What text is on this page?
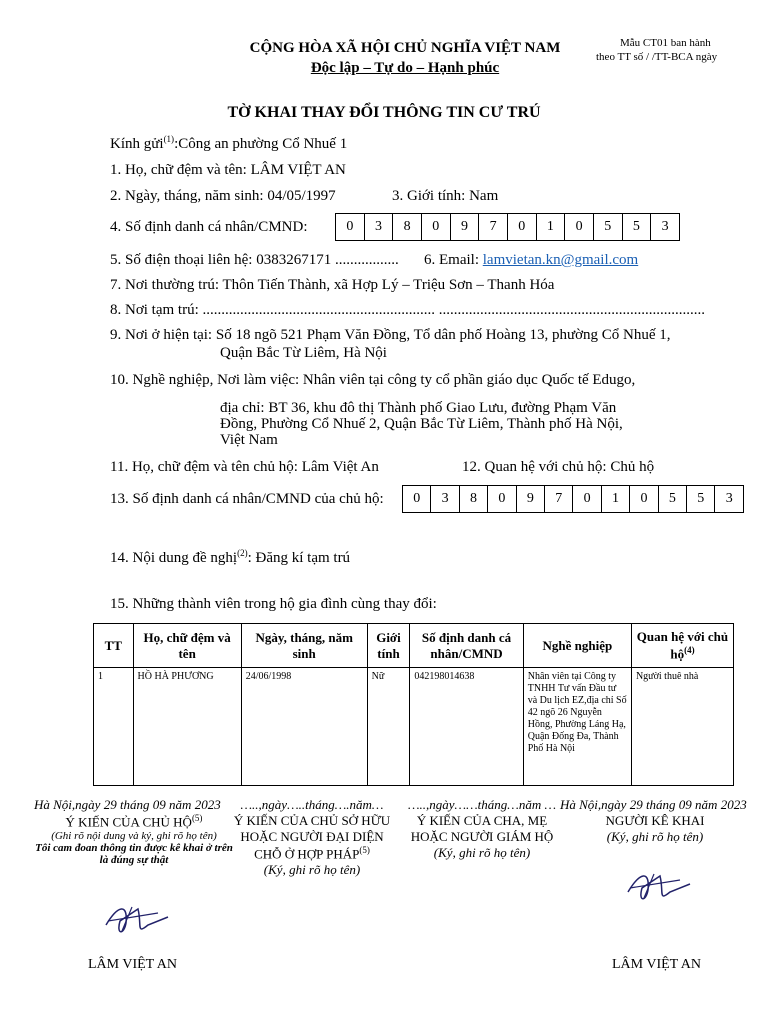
CỘNG HÒA XÃ HỘI CHỦ NGHĨA VIỆT NAM
Độc lập – Tự do – Hạnh phúc
Mẫu CT01 ban hành
theo TT số / /TT-BCA ngày
TỜ KHAI THAY ĐỔI THÔNG TIN CƯ TRÚ
Kính gửi$^{(1)}$:Công an phường Cổ Nhuế 1
1. Họ, chữ đệm và tên: LÂM VIỆT AN
2. Ngày, tháng, năm sinh: 04/05/1997	3. Giới tính: Nam
4. Số định danh cá nhân/CMND:	0	3	8	0	9	7	0	1	0	5	5	3
5. Số điện thoại liên hệ: 0383267171 ................. 6. Email: lamvietan.kn@gmail.com
7. Nơi thường trú: Thôn Tiến Thành, xã Hợp Lý – Triệu Sơn – Thanh Hóa
8. Nơi tạm trú: .............................................................. .......................................................................
9. Nơi ở hiện tại: Số 18 ngõ 521 Phạm Văn Đồng, Tổ dân phố Hoàng 13, phường Cổ Nhuế 1,
Quận Bắc Từ Liêm, Hà Nội
10. Nghề nghiệp, Nơi làm việc: Nhân viên tại công ty cổ phần giáo dục Quốc tế Edugo,
địa chỉ: BT 36, khu đô thị Thành phố Giao Lưu, đường Phạm Văn
Đồng, Phường Cổ Nhuế 2, Quận Bắc Từ Liêm, Thành phố Hà Nội,
Việt Nam
11. Họ, chữ đệm và tên chủ hộ: Lâm Việt An	12. Quan hệ với chủ hộ: Chủ hộ
13. Số định danh cá nhân/CMND của chủ hộ: 0	3	8	0	9	7	0	1	0	5	5	3
14. Nội dung đề nghị$^{(2)}$: Đăng kí tạm trú
15. Những thành viên trong hộ gia đình cùng thay đổi:
TT	Họ, chữ đệm và tên	Ngày, tháng, năm sinh	Giới tính	Số định danh cá nhân/CMND	Nghề nghiệp	Quan hệ với chủ hộ$^{(4)}$
1	HỒ HÀ PHƯƠNG	24/06/1998	Nữ	042198014638	Nhân viên tại Công ty TNHH Tư vấn Đầu tư và Du lịch EZ,địa chỉ Số 42 ngõ 26 Nguyễn Hồng, Phường Láng Hạ, Quận Đống Đa, Thành Phố Hà Nội	Người thuê nhà
Hà Nội,ngày 29 tháng 09 năm 2023
Ý KIẾN CỦA CHỦ HỘ$^{(5)}$
(Ghi rõ nội dung và ký, ghi rõ họ tên)
Tôi cam đoan thông tin được kê khai ở trên là đúng sự thật
LÂM VIỆT AN
…..,ngày…..tháng….năm…
Ý KIẾN CỦA CHỦ SỞ HỮU HOẶC NGƯỜI ĐẠI DIỆN CHỖ Ở HỢP PHÁP$^{(5)}$
(Ký, ghi rõ họ tên)
…..,ngày……tháng…năm …
Ý KIẾN CỦA CHA, MẸ HOẶC NGƯỜI GIÁM HỘ
(Ký, ghi rõ họ tên)
Hà Nội,ngày 29 tháng 09 năm 2023
NGƯỜI KÊ KHAI
(Ký, ghi rõ họ tên)
LÂM VIỆT AN
